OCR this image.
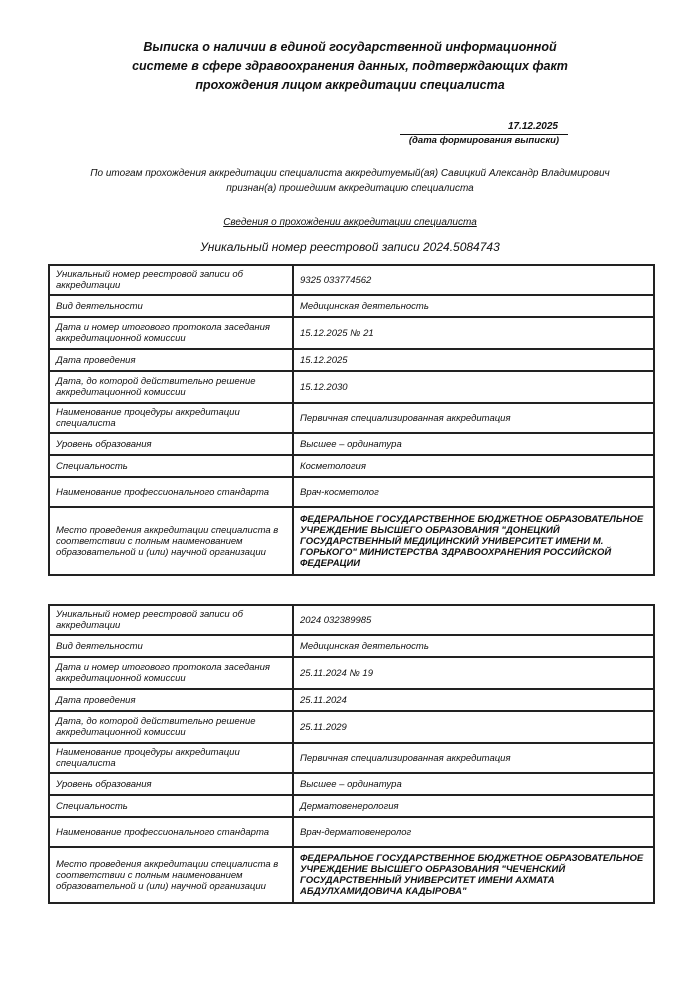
Выписка о наличии в единой государственной информационной
системе в сфере здравоохранения данных, подтверждающих факт
прохождения лицом аккредитации специалиста
17.12.2025
(дата формирования выписки)
По итогам прохождения аккредитации специалиста аккредитуемый(ая) Савицкий Александр Владимирович
признан(а) прошедшим аккредитацию специалиста
Сведения о прохождении аккредитации специалиста
Уникальный номер реестровой записи 2024.5084743
Уникальный номер реестровой записи об аккредитации	9325 033774562
Вид деятельности	Медицинская деятельность
Дата и номер итогового протокола заседания аккредитационной комиссии	15.12.2025 № 21
Дата проведения	15.12.2025
Дата, до которой действительно решение аккредитационной комиссии	15.12.2030
Наименование процедуры аккредитации специалиста	Первичная специализированная аккредитация
Уровень образования	Высшее – ординатура
Специальность	Косметология
Наименование профессионального стандарта	Врач-косметолог
Место проведения аккредитации специалиста в соответствии с полным наименованием образовательной и (или) научной организации	ФЕДЕРАЛЬНОЕ ГОСУДАРСТВЕННОЕ БЮДЖЕТНОЕ ОБРАЗОВАТЕЛЬНОЕ УЧРЕЖДЕНИЕ ВЫСШЕГО ОБРАЗОВАНИЯ "ДОНЕЦКИЙ ГОСУДАРСТВЕННЫЙ МЕДИЦИНСКИЙ УНИВЕРСИТЕТ ИМЕНИ М. ГОРЬКОГО" МИНИСТЕРСТВА ЗДРАВООХРАНЕНИЯ РОССИЙСКОЙ ФЕДЕРАЦИИ
Уникальный номер реестровой записи об аккредитации	2024 032389985
Вид деятельности	Медицинская деятельность
Дата и номер итогового протокола заседания аккредитационной комиссии	25.11.2024 № 19
Дата проведения	25.11.2024
Дата, до которой действительно решение аккредитационной комиссии	25.11.2029
Наименование процедуры аккредитации специалиста	Первичная специализированная аккредитация
Уровень образования	Высшее – ординатура
Специальность	Дерматовенерология
Наименование профессионального стандарта	Врач-дерматовенеролог
Место проведения аккредитации специалиста в соответствии с полным наименованием образовательной и (или) научной организации	ФЕДЕРАЛЬНОЕ ГОСУДАРСТВЕННОЕ БЮДЖЕТНОЕ ОБРАЗОВАТЕЛЬНОЕ УЧРЕЖДЕНИЕ ВЫСШЕГО ОБРАЗОВАНИЯ "ЧЕЧЕНСКИЙ ГОСУДАРСТВЕННЫЙ УНИВЕРСИТЕТ ИМЕНИ АХМАТА АБДУЛХАМИДОВИЧА КАДЫРОВА"
